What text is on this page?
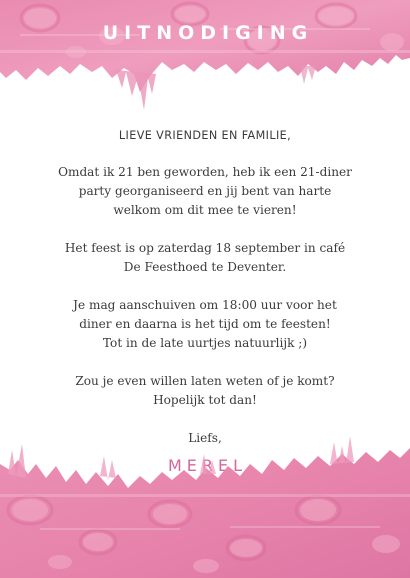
UITNODIGING

LIEVE VRIENDEN EN FAMILIE,

Omdat ik 21 ben geworden, heb ik een 21-diner
party georganiseerd en jij bent van harte
welkom om dit mee te vieren!

Het feest is op zaterdag 18 september in café
De Feesthoed te Deventer.

Je mag aanschuiven om 18:00 uur voor het
diner en daarna is het tijd om te feesten!
Tot in de late uurtjes natuurlijk ;)

Zou je even willen laten weten of je komt?
Hopelijk tot dan!

Liefs,

MEREL
